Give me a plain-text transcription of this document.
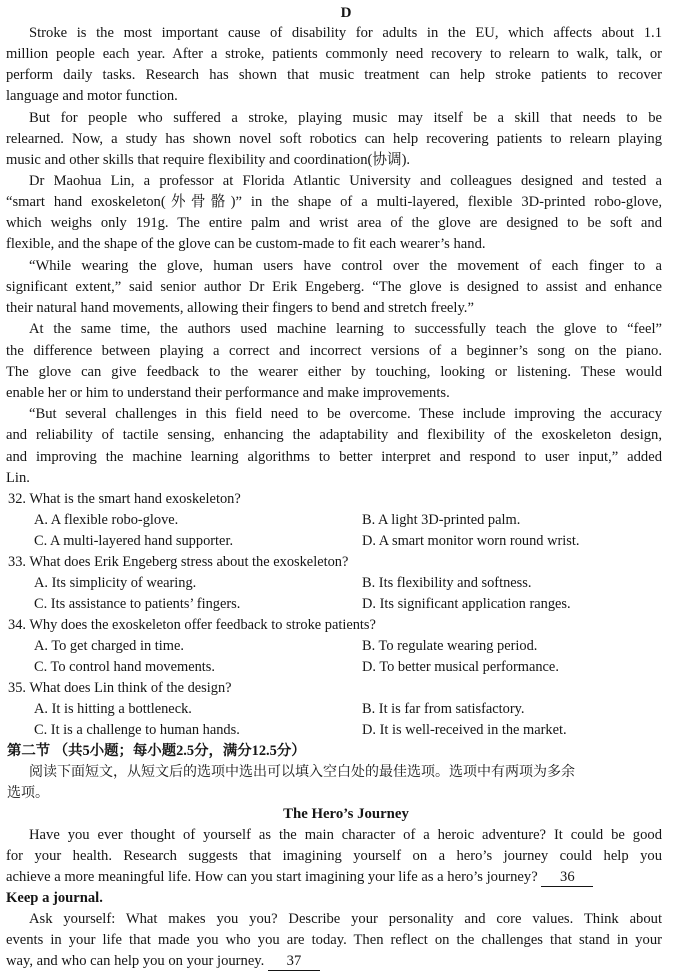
D
Stroke is the most important cause of disability for adults in the EU, which affects about 1.1
million people each year. After a stroke, patients commonly need recovery to relearn to walk, talk, or
perform daily tasks. Research has shown that music treatment can help stroke patients to recover
language and motor function.
But for people who suffered a stroke, playing music may itself be a skill that needs to be
relearned. Now, a study has shown novel soft robotics can help recovering patients to relearn playing
music and other skills that require flexibility and coordination(协调).
Dr Maohua Lin, a professor at Florida Atlantic University and colleagues designed and tested a
“smart hand exoskeleton(外骨骼)” in the shape of a multi-layered, flexible 3D-printed robo-glove,
which weighs only 191g. The entire palm and wrist area of the glove are designed to be soft and
flexible, and the shape of the glove can be custom-made to fit each wearer’s hand.
“While wearing the glove, human users have control over the movement of each finger to a
significant extent,” said senior author Dr Erik Engeberg. “The glove is designed to assist and enhance
their natural hand movements, allowing their fingers to bend and stretch freely.”
At the same time, the authors used machine learning to successfully teach the glove to “feel”
the difference between playing a correct and incorrect versions of a beginner’s song on the piano.
The glove can give feedback to the wearer either by touching, looking or listening. These would
enable her or him to understand their performance and make improvements.
“But several challenges in this field need to be overcome. These include improving the accuracy
and reliability of tactile sensing, enhancing the adaptability and flexibility of the exoskeleton design,
and improving the machine learning algorithms to better interpret and respond to user input,” added
Lin.
32. What is the smart hand exoskeleton?
A. A flexible robo-glove.	B. A light 3D-printed palm.
C. A multi-layered hand supporter.	D. A smart monitor worn round wrist.
33. What does Erik Engeberg stress about the exoskeleton?
A. Its simplicity of wearing.	B. Its flexibility and softness.
C. Its assistance to patients’ fingers.	D. Its significant application ranges.
34. Why does the exoskeleton offer feedback to stroke patients?
A. To get charged in time.	B. To regulate wearing period.
C. To control hand movements.	D. To better musical performance.
35. What does Lin think of the design?
A. It is hitting a bottleneck.	B. It is far from satisfactory.
C. It is a challenge to human hands.	D. It is well-received in the market.
第二节 （共5小题；每小题2.5分，满分12.5分）
阅读下面短文，从短文后的选项中选出可以填入空白处的最佳选项。选项中有两项为多余
选项。
The Hero’s Journey
Have you ever thought of yourself as the main character of a heroic adventure? It could be good
for your health. Research suggests that imagining yourself on a hero’s journey could help you
achieve a more meaningful life. How can you start imagining your life as a hero’s journey? 36
Keep a journal.
Ask yourself: What makes you you? Describe your personality and core values. Think about
events in your life that made you who you are today. Then reflect on the challenges that stand in your
way, and who can help you on your journey. 37
